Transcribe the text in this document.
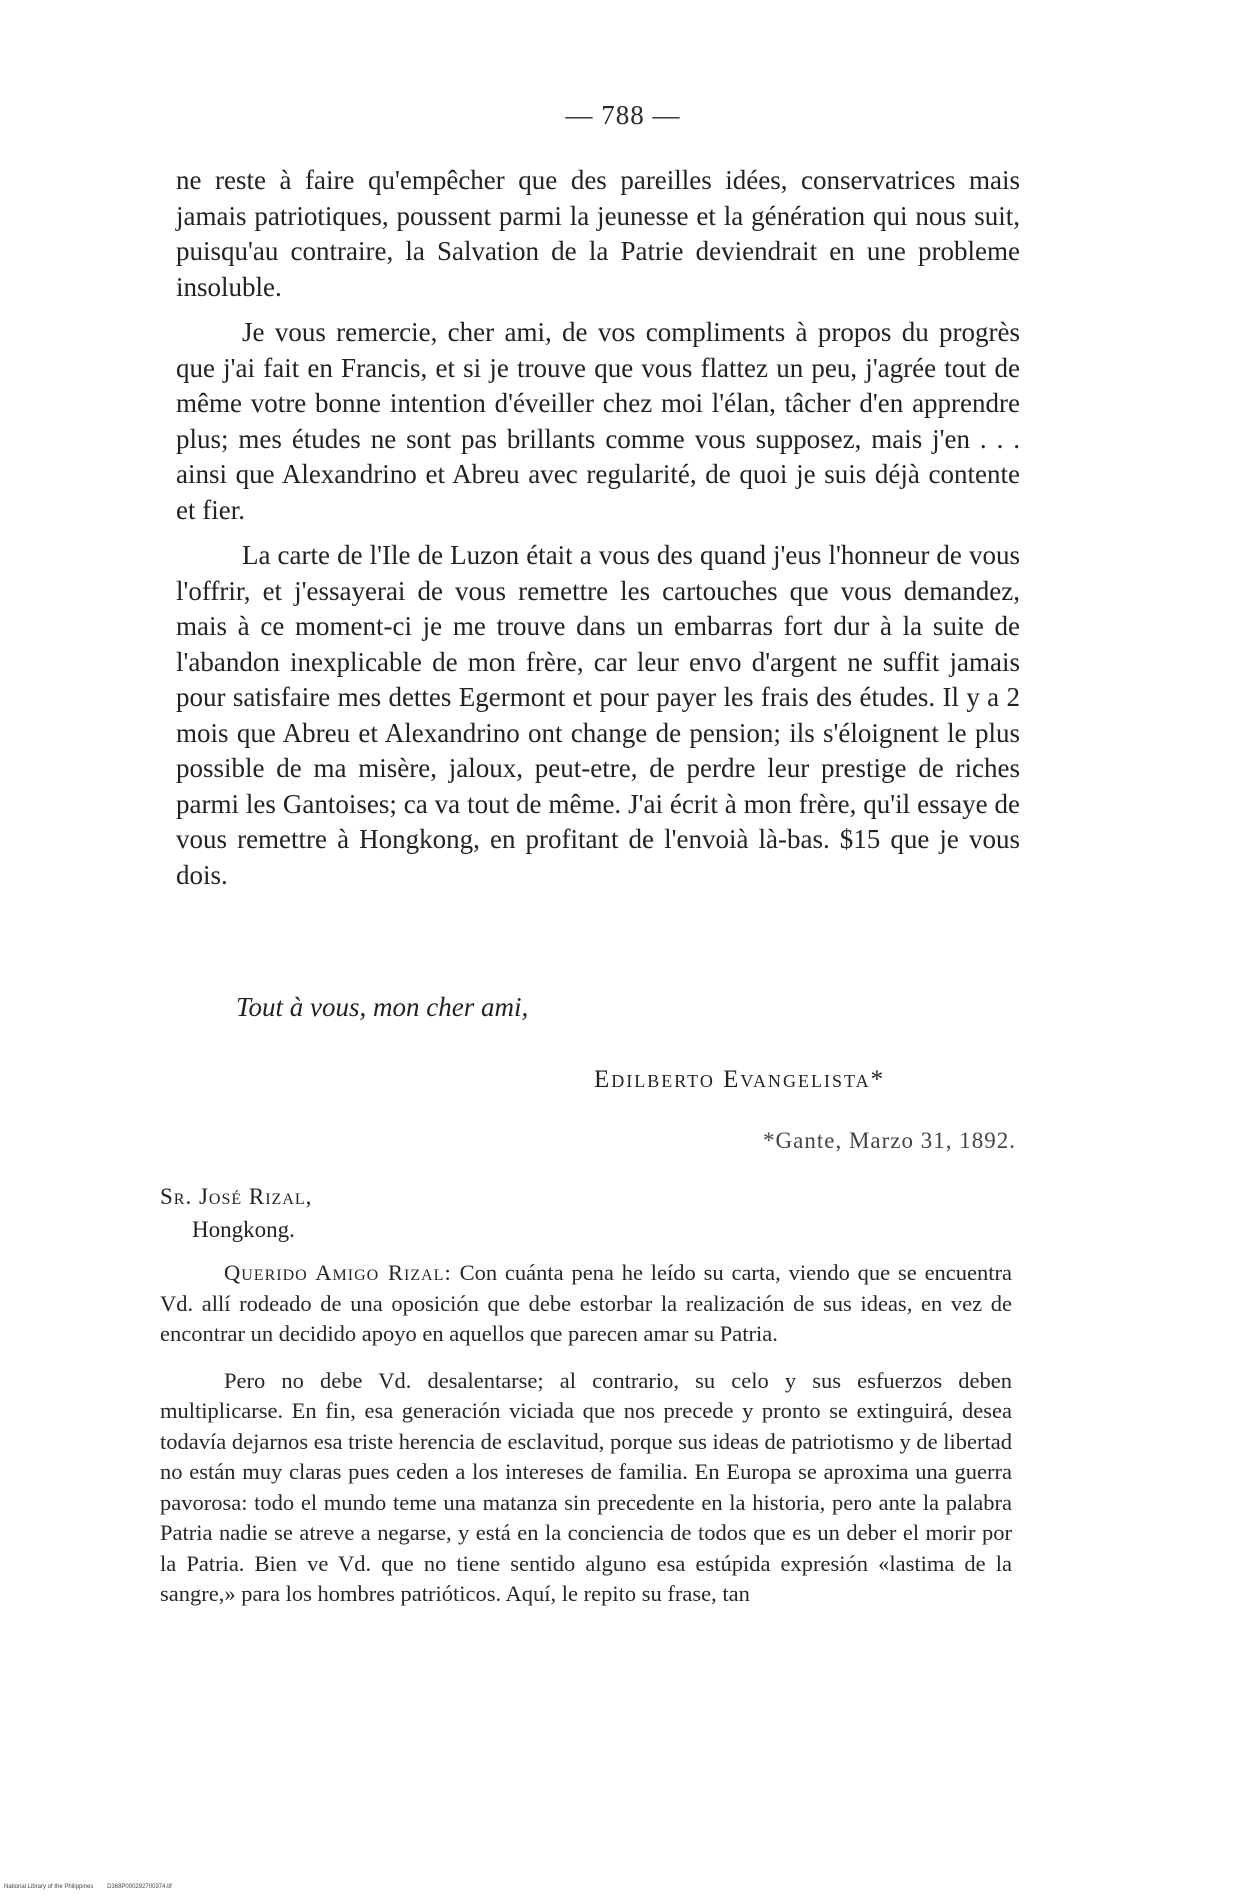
— 788 —

ne reste à faire qu'empêcher que des pareilles idées, conservatrices mais jamais patriotiques, poussent parmi la jeunesse et la génération qui nous suit, puisqu'au contraire, la Salvation de la Patrie deviendrait en une probleme insoluble.

Je vous remercie, cher ami, de vos compliments à propos du progrès que j'ai fait en Francis, et si je trouve que vous flattez un peu, j'agrée tout de même votre bonne intention d'éveiller chez moi l'élan, tâcher d'en apprendre plus; mes études ne sont pas brillants comme vous supposez, mais j'en . . . ainsi que Alexandrino et Abreu avec regularité, de quoi je suis déjà contente et fier.

La carte de l'Ile de Luzon était a vous des quand j'eus l'honneur de vous l'offrir, et j'essayerai de vous remettre les cartouches que vous demandez, mais à ce moment-ci je me trouve dans un embarras fort dur à la suite de l'abandon inexplicable de mon frère, car leur envo d'argent ne suffit jamais pour satisfaire mes dettes Egermont et pour payer les frais des études. Il y a 2 mois que Abreu et Alexandrino ont change de pension; ils s'éloignent le plus possible de ma misère, jaloux, peut-etre, de perdre leur prestige de riches parmi les Gantoises; ca va tout de même. J'ai écrit à mon frère, qu'il essaye de vous remettre à Hongkong, en profitant de l'envoià là-bas. $15 que je vous dois.

Tout à vous, mon cher ami,
Edilberto Evangelista*
*Gante, Marzo 31, 1892.
Sr. José Rizal,
Hongkong.

Querido Amigo Rizal: Con cuánta pena he leído su carta, viendo que se encuentra Vd. allí rodeado de una oposición que debe estorbar la realización de sus ideas, en vez de encontrar un decidido apoyo en aquellos que parecen amar su Patria.

Pero no debe Vd. desalentarse; al contrario, su celo y sus esfuerzos deben multiplicarse. En fin, esa generación viciada que nos precede y pronto se extinguirá, desea todavía dejarnos esa triste herencia de esclavitud, porque sus ideas de patriotismo y de libertad no están muy claras pues ceden a los intereses de familia. En Europa se aproxima una guerra pavorosa: todo el mundo teme una matanza sin precedente en la historia, pero ante la palabra Patria nadie se atreve a negarse, y está en la conciencia de todos que es un deber el morir por la Patria. Bien ve Vd. que no tiene sentido alguno esa estúpida expresión «lastima de la sangre,» para los hombres patrióticos. Aquí, le repito su frase, tan

National Library of the Philippines D368P000292700374.tif
